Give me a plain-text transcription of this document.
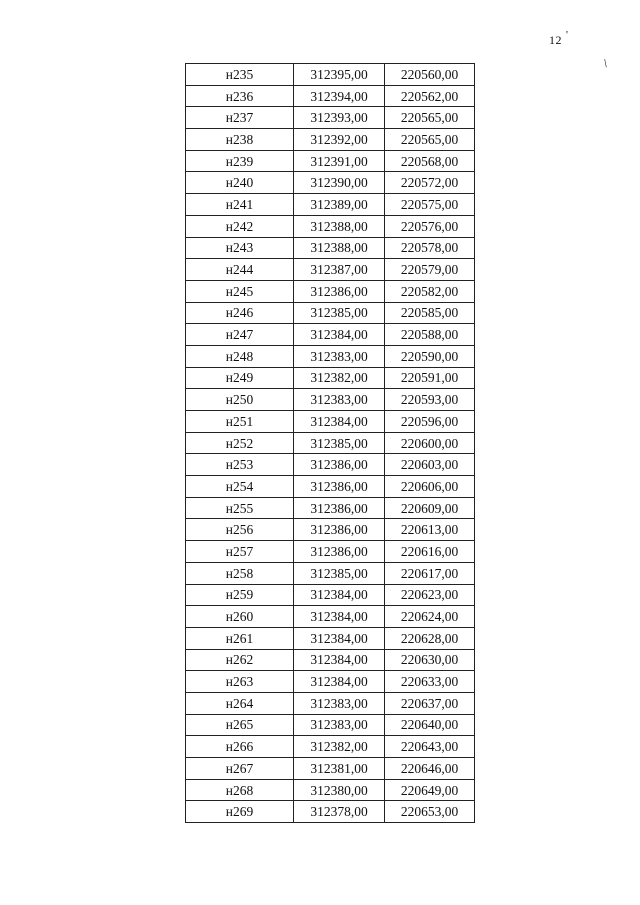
12 '
/
н235	312395,00	220560,00
н236	312394,00	220562,00
н237	312393,00	220565,00
н238	312392,00	220565,00
н239	312391,00	220568,00
н240	312390,00	220572,00
н241	312389,00	220575,00
н242	312388,00	220576,00
н243	312388,00	220578,00
н244	312387,00	220579,00
н245	312386,00	220582,00
н246	312385,00	220585,00
н247	312384,00	220588,00
н248	312383,00	220590,00
н249	312382,00	220591,00
н250	312383,00	220593,00
н251	312384,00	220596,00
н252	312385,00	220600,00
н253	312386,00	220603,00
н254	312386,00	220606,00
н255	312386,00	220609,00
н256	312386,00	220613,00
н257	312386,00	220616,00
н258	312385,00	220617,00
н259	312384,00	220623,00
н260	312384,00	220624,00
н261	312384,00	220628,00
н262	312384,00	220630,00
н263	312384,00	220633,00
н264	312383,00	220637,00
н265	312383,00	220640,00
н266	312382,00	220643,00
н267	312381,00	220646,00
н268	312380,00	220649,00
н269	312378,00	220653,00
